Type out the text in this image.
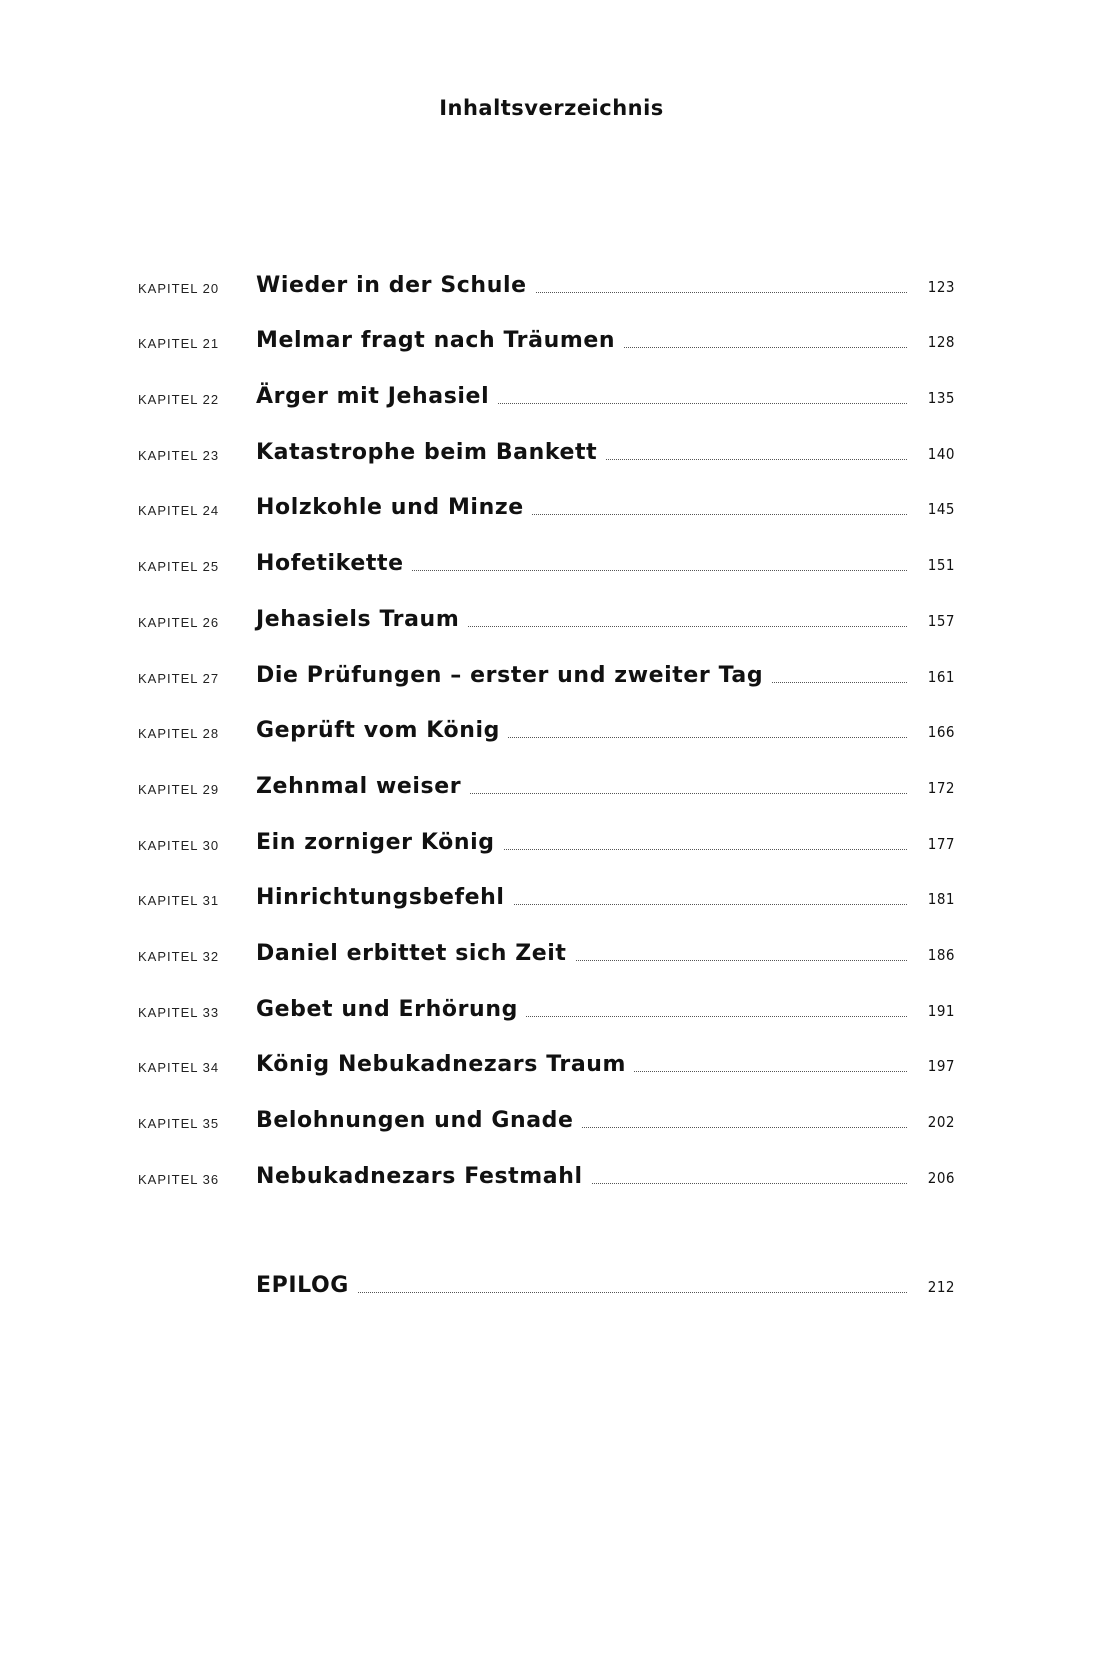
Inhaltsverzeichnis
KAPITEL 20 Wieder in der Schule	123
KAPITEL 21 Melmar fragt nach Träumen	128
KAPITEL 22 Ärger mit Jehasiel	135
KAPITEL 23 Katastrophe beim Bankett	140
KAPITEL 24 Holzkohle und Minze	145
KAPITEL 25 Hofetikette	151
KAPITEL 26 Jehasiels Traum	157
KAPITEL 27 Die Prüfungen – erster und zweiter Tag	161
KAPITEL 28 Geprüft vom König	166
KAPITEL 29 Zehnmal weiser	172
KAPITEL 30 Ein zorniger König	177
KAPITEL 31 Hinrichtungsbefehl	181
KAPITEL 32 Daniel erbittet sich Zeit	186
KAPITEL 33 Gebet und Erhörung	191
KAPITEL 34 König Nebukadnezars Traum	197
KAPITEL 35 Belohnungen und Gnade	202
KAPITEL 36 Nebukadnezars Festmahl	206
EPILOG	212
